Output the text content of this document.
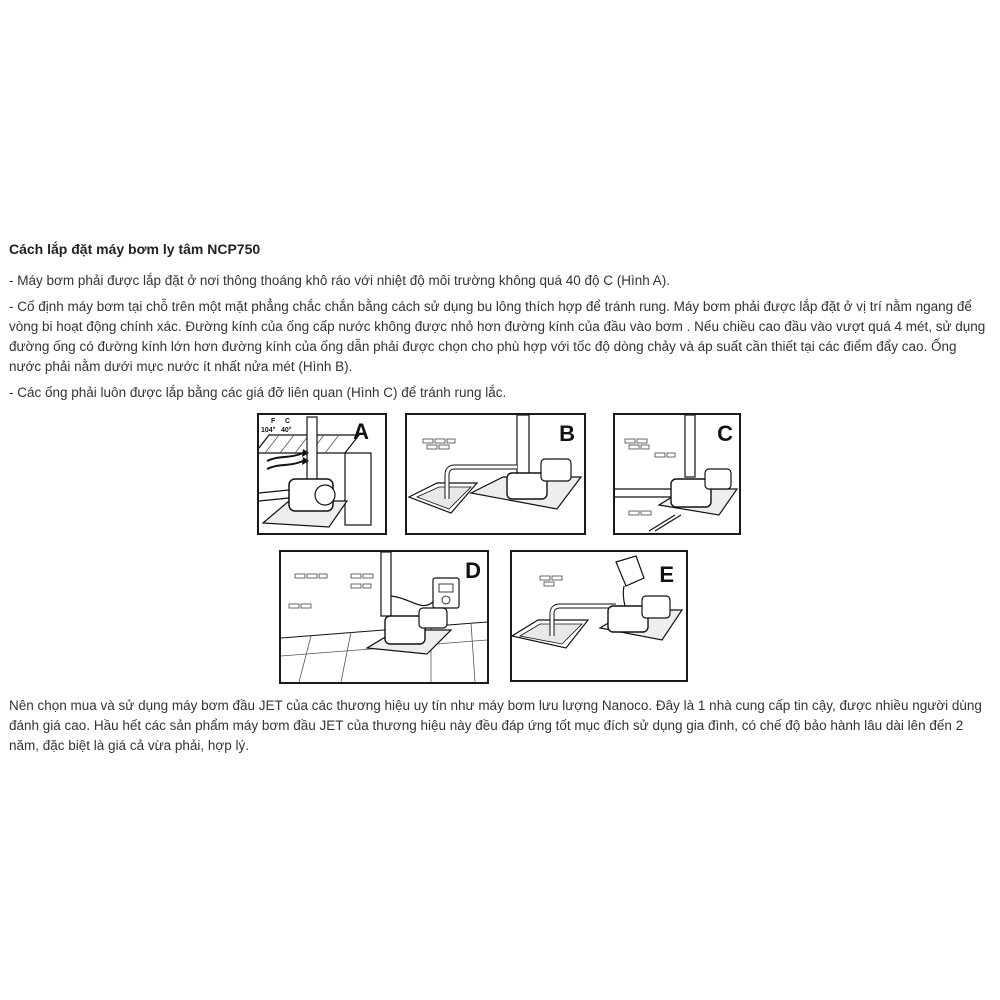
Cách lắp đặt máy bơm ly tâm NCP750

- Máy bơm phải được lắp đặt ở nơi thông thoáng khô ráo với nhiệt độ môi trường không quá 40 độ C (Hình A).

- Cố định máy bơm tại chỗ trên một mặt phẳng chắc chắn bằng cách sử dụng bu lông thích hợp để tránh rung. Máy bơm phải được lắp đặt ở vị trí nằm ngang để vòng bi hoạt động chính xác. Đường kính của ống cấp nước không được nhỏ hơn đường kính của đầu vào bơm . Nếu chiều cao đầu vào vượt quá 4 mét, sử dụng đường ống có đường kính lớn hơn đường kính của ống dẫn phải được chọn cho phù hợp với tốc độ dòng chảy và áp suất cần thiết tại các điểm đẩy cao. Ống nước phải nằm dưới mực nước ít nhất nửa mét (Hình B).

- Các ống phải luôn được lắp bằng các giá đỡ liên quan (Hình C) để tránh rung lắc.

A
F C
104° 40°	B	C
D	E

Nên chọn mua và sử dụng máy bơm đầu JET của các thương hiệu uy tín như máy bơm lưu lượng Nanoco. Đây là 1 nhà cung cấp tin cậy, được nhiều người dùng đánh giá cao. Hầu hết các sản phẩm máy bơm đầu JET của thương hiệu này đều đáp ứng tốt mục đích sử dụng gia đình, có chế độ bảo hành lâu dài lên đến 2 năm, đặc biệt là giá cả vừa phải, hợp lý.
